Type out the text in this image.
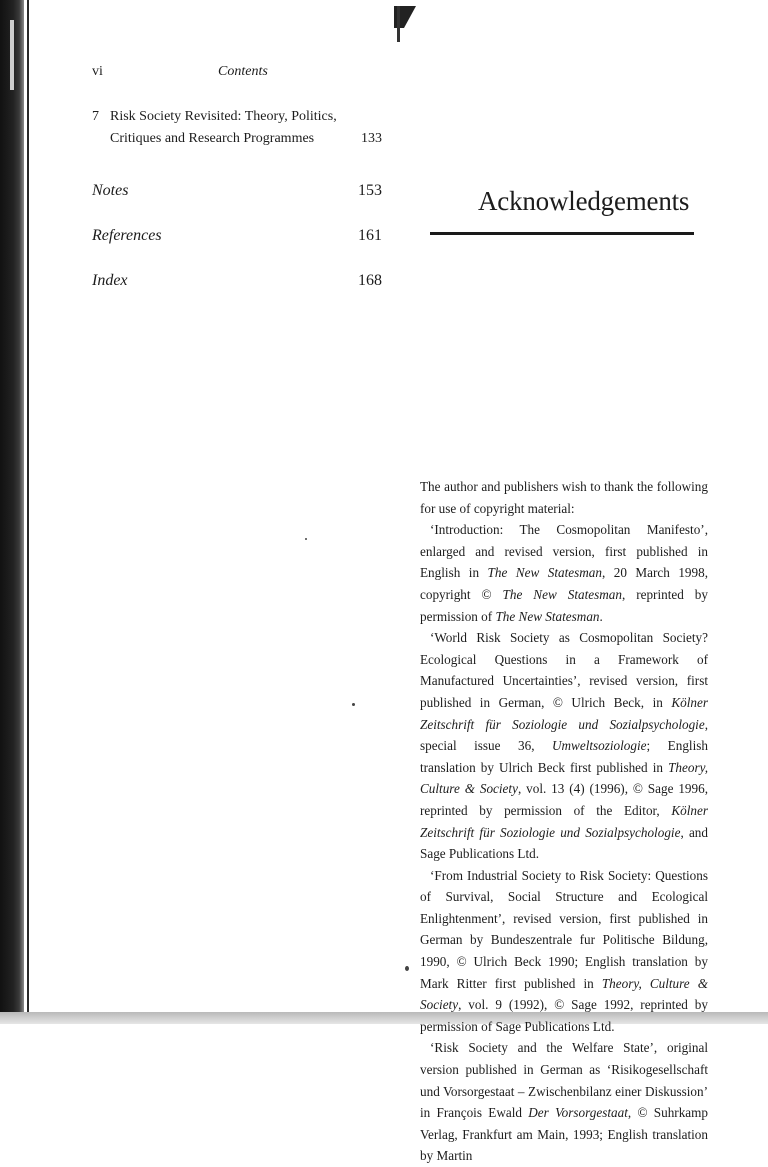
vi	Contents
7 Risk Society Revisited: Theory, Politics, Critiques and Research Programmes	133
Notes	153
References	161
Index	168
Acknowledgements

The author and publishers wish to thank the following for use of copyright material:

‘Introduction: The Cosmopolitan Manifesto’, enlarged and revised version, first published in English in The New Statesman, 20 March 1998, copyright © The New Statesman, reprinted by permission of The New Statesman.

‘World Risk Society as Cosmopolitan Society? Ecological Questions in a Framework of Manufactured Uncertainties’, revised version, first published in German, © Ulrich Beck, in Kölner Zeitschrift für Soziologie und Sozialpsychologie, special issue 36, Umweltsoziologie; English translation by Ulrich Beck first published in Theory, Culture & Society, vol. 13 (4) (1996), © Sage 1996, reprinted by permission of the Editor, Kölner Zeitschrift für Soziologie und Sozialpsychologie, and Sage Publications Ltd.

‘From Industrial Society to Risk Society: Questions of Survival, Social Structure and Ecological Enlightenment’, revised version, first published in German by Bundeszentrale fur Politische Bildung, 1990, © Ulrich Beck 1990; English translation by Mark Ritter first published in Theory, Culture & Society, vol. 9 (1992), © Sage 1992, reprinted by permission of Sage Publications Ltd.

‘Risk Society and the Welfare State’, original version published in German as ‘Risikogesellschaft und Vorsorgestaat – Zwischenbilanz einer Diskussion’ in François Ewald Der Vorsorgestaat, © Suhrkamp Verlag, Frankfurt am Main, 1993; English translation by Martin
